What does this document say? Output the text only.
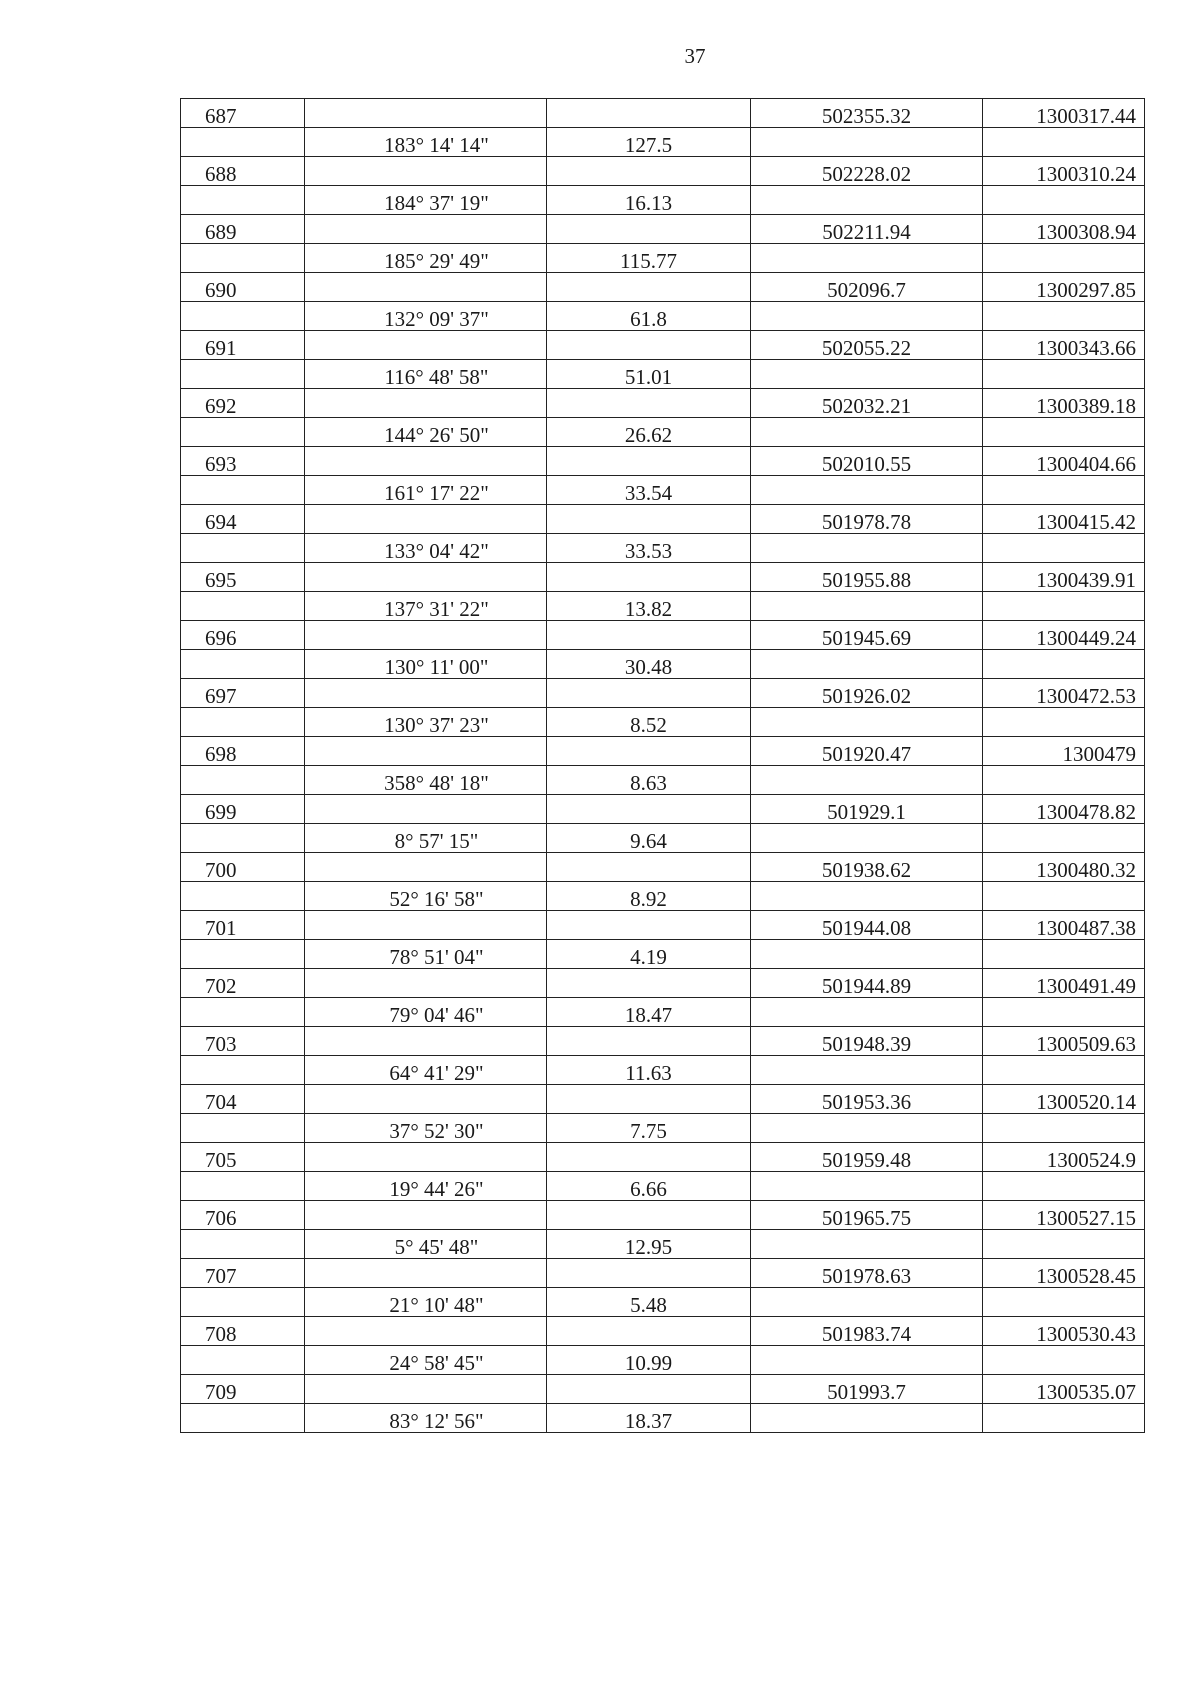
37
687			502355.32	1300317.44
	183° 14' 14"	127.5		
688			502228.02	1300310.24
	184° 37' 19"	16.13		
689			502211.94	1300308.94
	185° 29' 49"	115.77		
690			502096.7	1300297.85
	132° 09' 37"	61.8		
691			502055.22	1300343.66
	116° 48' 58"	51.01		
692			502032.21	1300389.18
	144° 26' 50"	26.62		
693			502010.55	1300404.66
	161° 17' 22"	33.54		
694			501978.78	1300415.42
	133° 04' 42"	33.53		
695			501955.88	1300439.91
	137° 31' 22"	13.82		
696			501945.69	1300449.24
	130° 11' 00"	30.48		
697			501926.02	1300472.53
	130° 37' 23"	8.52		
698			501920.47	1300479
	358° 48' 18"	8.63		
699			501929.1	1300478.82
	8° 57' 15"	9.64		
700			501938.62	1300480.32
	52° 16' 58"	8.92		
701			501944.08	1300487.38
	78° 51' 04"	4.19		
702			501944.89	1300491.49
	79° 04' 46"	18.47		
703			501948.39	1300509.63
	64° 41' 29"	11.63		
704			501953.36	1300520.14
	37° 52' 30"	7.75		
705			501959.48	1300524.9
	19° 44' 26"	6.66		
706			501965.75	1300527.15
	5° 45' 48"	12.95		
707			501978.63	1300528.45
	21° 10' 48"	5.48		
708			501983.74	1300530.43
	24° 58' 45"	10.99		
709			501993.7	1300535.07
	83° 12' 56"	18.37		
